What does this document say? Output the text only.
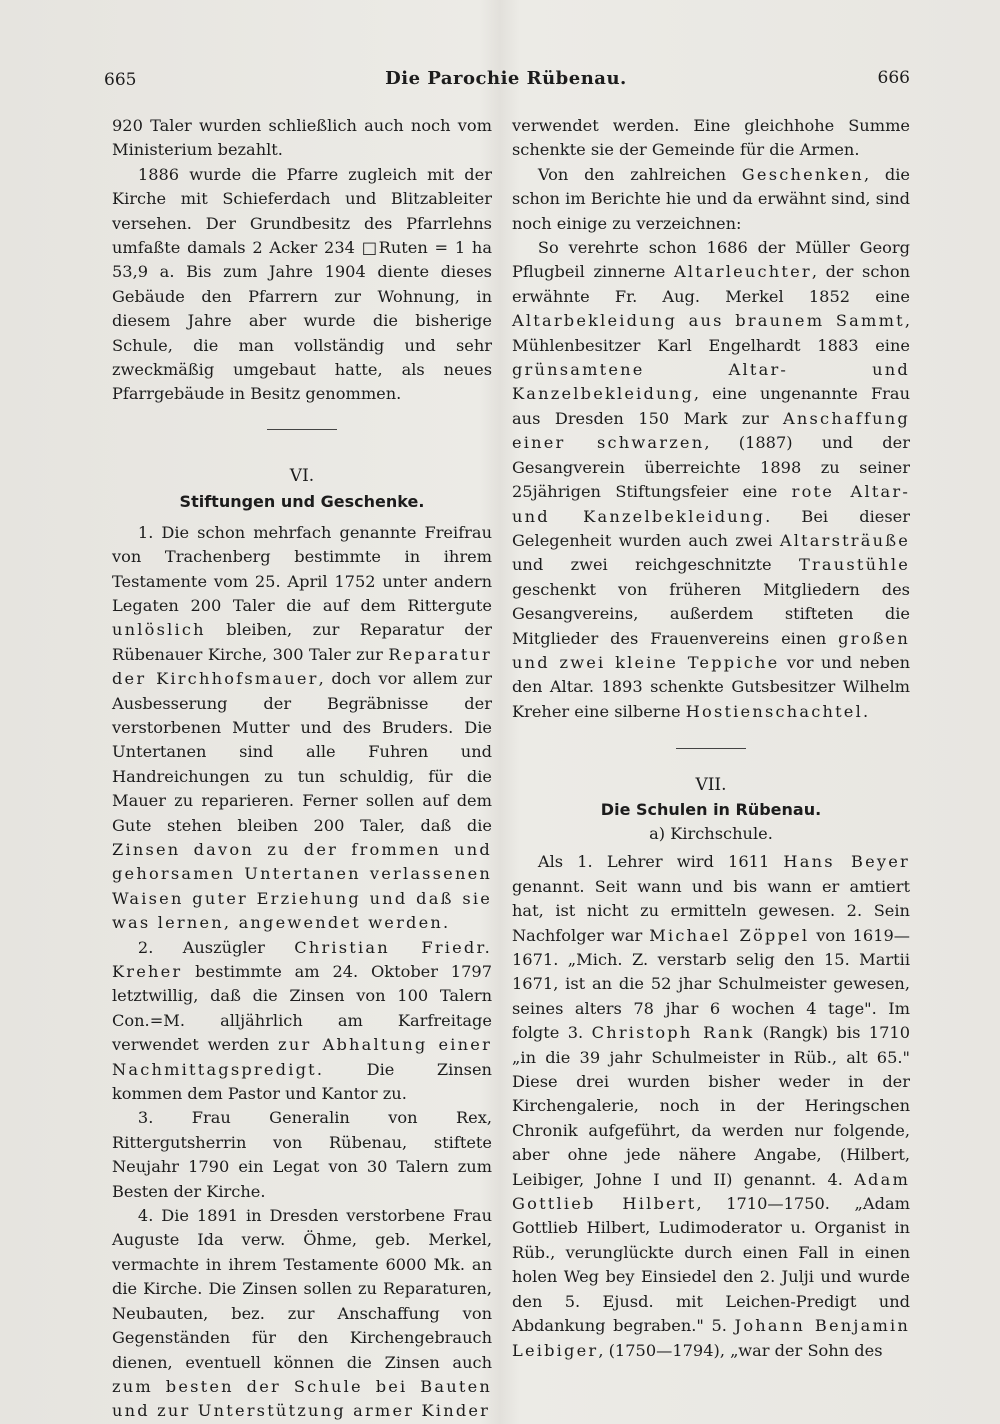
665	Die Parochie Rübenau.	666

920 Taler wurden schließlich auch noch vom Ministerium bezahlt.

1886 wurde die Pfarre zugleich mit der Kirche mit Schieferdach und Blitzableiter versehen. Der Grundbesitz des Pfarrlehns umfaßte damals 2 Acker 234 □Ruten = 1 ha 53,9 a. Bis zum Jahre 1904 diente dieses Gebäude den Pfarrern zur Wohnung, in diesem Jahre aber wurde die bisherige Schule, die man vollständig und sehr zweckmäßig umgebaut hatte, als neues Pfarrgebäude in Besitz genommen.

VI.

Stiftungen und Geschenke.

1. Die schon mehrfach genannte Freifrau von Trachenberg bestimmte in ihrem Testamente vom 25. April 1752 unter andern Legaten 200 Taler die auf dem Rittergute unlöslich bleiben, zur Reparatur der Rübenauer Kirche, 300 Taler zur Reparatur der Kirchhofsmauer, doch vor allem zur Ausbesserung der Begräbnisse der verstorbenen Mutter und des Bruders. Die Untertanen sind alle Fuhren und Handreichungen zu tun schuldig, für die Mauer zu reparieren. Ferner sollen auf dem Gute stehen bleiben 200 Taler, daß die Zinsen davon zu der frommen und gehorsamen Untertanen verlassenen Waisen guter Erziehung und daß sie was lernen, angewendet werden.

2. Auszügler Christian Friedr. Kreher bestimmte am 24. Oktober 1797 letztwillig, daß die Zinsen von 100 Talern Con.=M. alljährlich am Karfreitage verwendet werden zur Abhaltung einer Nachmittagspredigt. Die Zinsen kommen dem Pastor und Kantor zu.

3. Frau Generalin von Rex, Rittergutsherrin von Rübenau, stiftete Neujahr 1790 ein Legat von 30 Talern zum Besten der Kirche.

4. Die 1891 in Dresden verstorbene Frau Auguste Ida verw. Öhme, geb. Merkel, vermachte in ihrem Testamente 6000 Mk. an die Kirche. Die Zinsen sollen zu Reparaturen, Neubauten, bez. zur Anschaffung von Gegenständen für den Kirchengebrauch dienen, eventuell können die Zinsen auch zum besten der Schule bei Bauten und zur Unterstützung armer Kinder

verwendet werden. Eine gleichhohe Summe schenkte sie der Gemeinde für die Armen.

Von den zahlreichen Geschenken, die schon im Berichte hie und da erwähnt sind, sind noch einige zu verzeichnen:

So verehrte schon 1686 der Müller Georg Pflugbeil zinnerne Altarleuchter, der schon erwähnte Fr. Aug. Merkel 1852 eine Altarbekleidung aus braunem Sammt, Mühlenbesitzer Karl Engelhardt 1883 eine grünsamtene Altar- und Kanzelbekleidung, eine ungenannte Frau aus Dresden 150 Mark zur Anschaffung einer schwarzen, (1887) und der Gesangverein überreichte 1898 zu seiner 25jährigen Stiftungsfeier eine rote Altar- und Kanzelbekleidung. Bei dieser Gelegenheit wurden auch zwei Altarsträuße und zwei reichgeschnitzte Traustühle geschenkt von früheren Mitgliedern des Gesangvereins, außerdem stifteten die Mitglieder des Frauenvereins einen großen und zwei kleine Teppiche vor und neben den Altar. 1893 schenkte Gutsbesitzer Wilhelm Kreher eine silberne Hostienschachtel.

VII.

Die Schulen in Rübenau.

a) Kirchschule.

Als 1. Lehrer wird 1611 Hans Beyer genannt. Seit wann und bis wann er amtiert hat, ist nicht zu ermitteln gewesen. 2. Sein Nachfolger war Michael Zöppel von 1619—1671. „Mich. Z. verstarb selig den 15. Martii 1671, ist an die 52 jhar Schulmeister gewesen, seines alters 78 jhar 6 wochen 4 tage". Im folgte 3. Christoph Rank (Rangk) bis 1710 „in die 39 jahr Schulmeister in Rüb., alt 65." Diese drei wurden bisher weder in der Kirchengalerie, noch in der Heringschen Chronik aufgeführt, da werden nur folgende, aber ohne jede nähere Angabe, (Hilbert, Leibiger, Johne I und II) genannt. 4. Adam Gottlieb Hilbert, 1710—1750. „Adam Gottlieb Hilbert, Ludimoderator u. Organist in Rüb., verunglückte durch einen Fall in einen holen Weg bey Einsiedel den 2. Julji und wurde den 5. Ejusd. mit Leichen-Predigt und Abdankung begraben." 5. Johann Benjamin Leibiger, (1750—1794), „war der Sohn des
